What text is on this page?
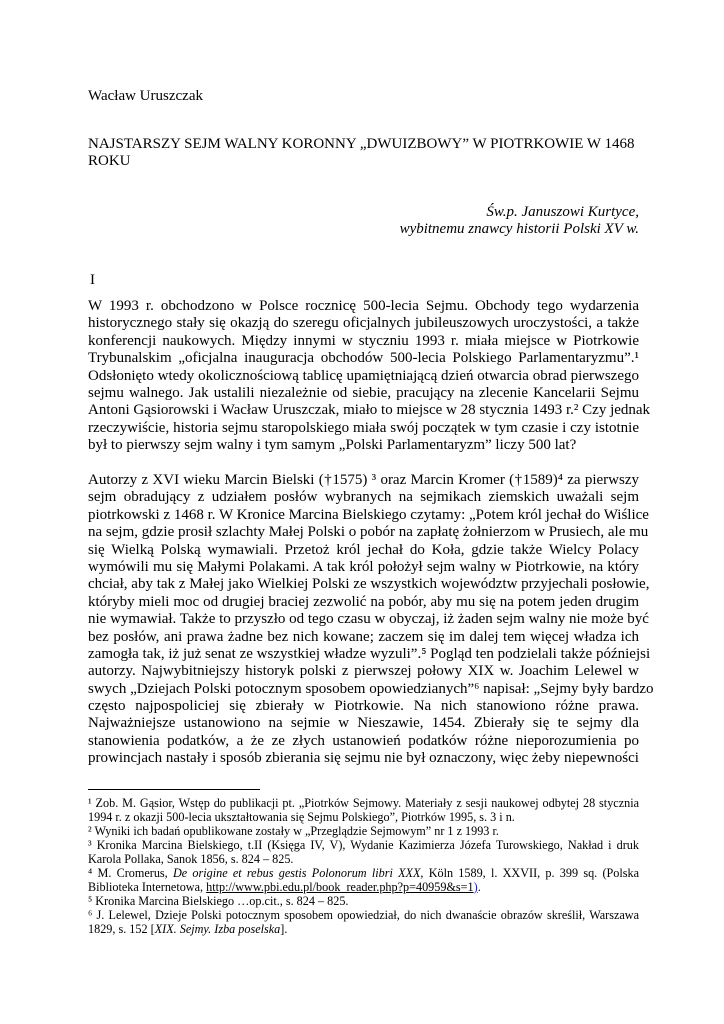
Wacław Uruszczak
NAJSTARSZY SEJM WALNY KORONNY „DWUIZBOWY” W PIOTRKOWIE W 1468
ROKU
Św.p. Januszowi Kurtyce,
wybitnemu znawcy historii Polski XV w.
I
W 1993 r. obchodzono w Polsce rocznicę 500-lecia Sejmu. Obchody tego wydarzenia
historycznego stały się okazją do szeregu oficjalnych jubileuszowych uroczystości, a także
konferencji naukowych. Między innymi w styczniu 1993 r. miała miejsce w Piotrkowie
Trybunalskim „oficjalna inauguracja obchodów 500-lecia Polskiego Parlamentaryzmu”.¹
Odsłonięto wtedy okolicznościową tablicę upamiętniającą dzień otwarcia obrad pierwszego
sejmu walnego. Jak ustalili niezależnie od siebie, pracujący na zlecenie Kancelarii Sejmu
Antoni Gąsiorowski i Wacław Uruszczak, miało to miejsce w 28 stycznia 1493 r.² Czy jednak
rzeczywiście, historia sejmu staropolskiego miała swój początek w tym czasie i czy istotnie
był to pierwszy sejm walny i tym samym „Polski Parlamentaryzm” liczy 500 lat?
Autorzy z XVI wieku Marcin Bielski (†1575) ³ oraz Marcin Kromer (†1589)⁴ za pierwszy
sejm obradujący z udziałem posłów wybranych na sejmikach ziemskich uważali sejm
piotrkowski z 1468 r. W Kronice Marcina Bielskiego czytamy: „Potem król jechał do Wiślice
na sejm, gdzie prosił szlachty Małej Polski o pobór na zapłatę żołnierzom w Prusiech, ale mu
się Wielką Polską wymawiali. Przetoż król jechał do Koła, gdzie także Wielcy Polacy
wymówili mu się Małymi Polakami. A tak król położył sejm walny w Piotrkowie, na który
chciał, aby tak z Małej jako Wielkiej Polski ze wszystkich województw przyjechali posłowie,
któryby mieli moc od drugiej braciej zezwolić na pobór, aby mu się na potem jeden drugim
nie wymawiał. Także to przyszło od tego czasu w obyczaj, iż żaden sejm walny nie może być
bez posłów, ani prawa żadne bez nich kowane; zaczem się im dalej tem więcej władza ich
zamogła tak, iż już senat ze wszystkiej władze wyzuli”.⁵ Pogląd ten podzielali także późniejsi
autorzy. Najwybitniejszy historyk polski z pierwszej połowy XIX w. Joachim Lelewel w
swych „Dziejach Polski potocznym sposobem opowiedzianych”⁶ napisał: „Sejmy były bardzo
często najpospoliciej się zbierały w Piotrkowie. Na nich stanowiono różne prawa.
Najważniejsze ustanowiono na sejmie w Nieszawie, 1454. Zbierały się te sejmy dla
stanowienia podatków, a że ze złych ustanowień podatków różne nieporozumienia po
prowincjach nastały i sposób zbierania się sejmu nie był oznaczony, więc żeby niepewności
¹ Zob. M. Gąsior, Wstęp do publikacji pt. „Piotrków Sejmowy. Materiały z sesji naukowej odbytej 28 stycznia
1994 r. z okazji 500-lecia ukształtowania się Sejmu Polskiego”, Piotrków 1995, s. 3 i n.
² Wyniki ich badań opublikowane zostały w „Przeglądzie Sejmowym” nr 1 z 1993 r.
³ Kronika Marcina Bielskiego, t.II (Księga IV, V), Wydanie Kazimierza Józefa Turowskiego, Nakład i druk
Karola Pollaka, Sanok 1856, s. 824 – 825.
⁴ M. Cromerus, De origine et rebus gestis Polonorum libri XXX, Köln 1589, l. XXVII, p. 399 sq. (Polska
Biblioteka Internetowa, http://www.pbi.edu.pl/book_reader.php?p=40959&s=1).
⁵ Kronika Marcina Bielskiego …op.cit., s. 824 – 825.
⁶ J. Lelewel, Dzieje Polski potocznym sposobem opowiedział, do nich dwanaście obrazów skreślił, Warszawa
1829, s. 152 [XIX. Sejmy. Izba poselska].
